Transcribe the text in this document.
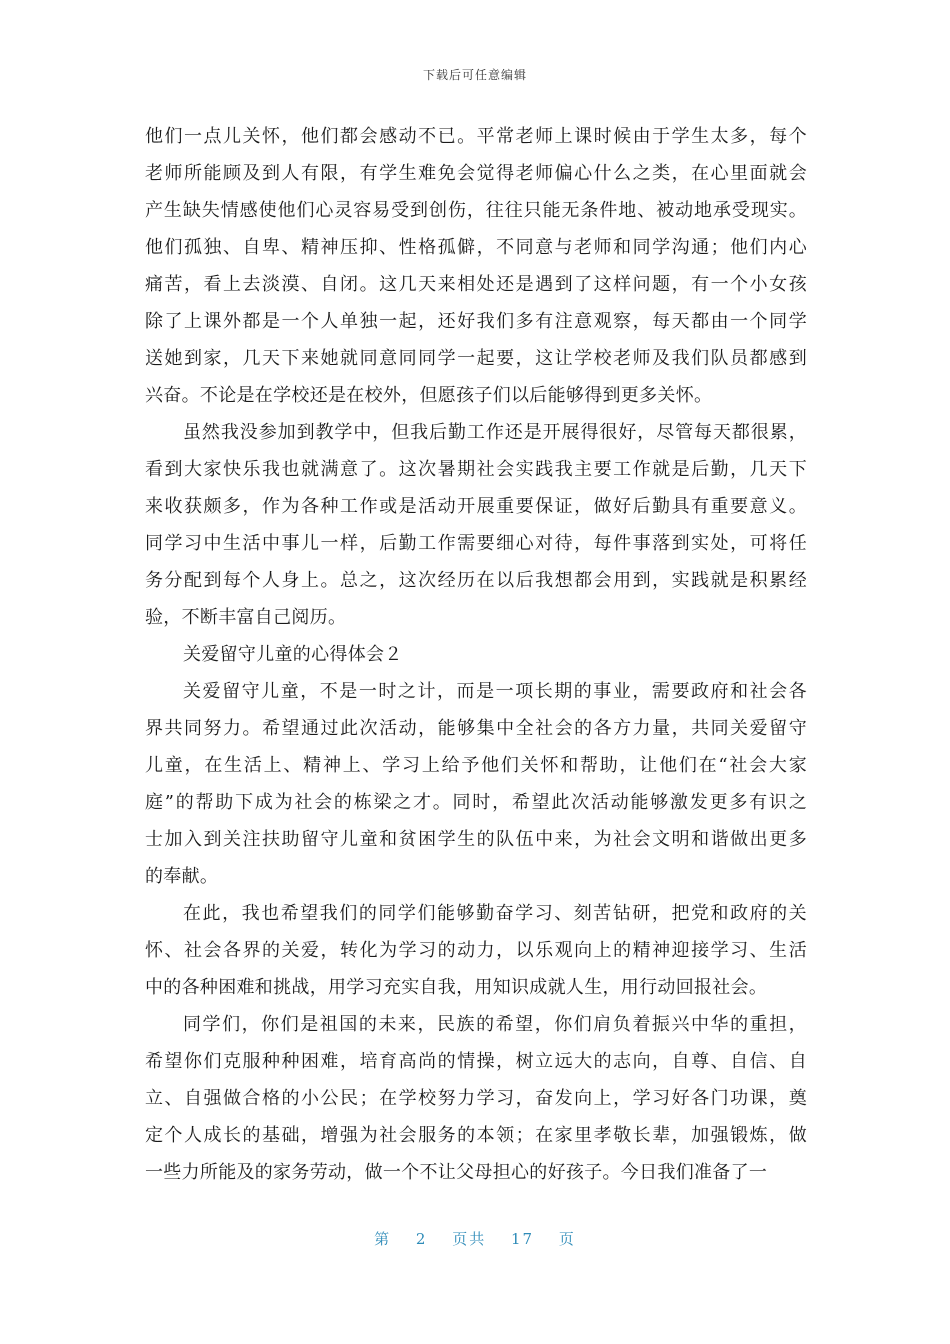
下载后可任意编辑
他们一点儿关怀，他们都会感动不已。平常老师上课时候由于学生太多，每个
老师所能顾及到人有限，有学生难免会觉得老师偏心什么之类，在心里面就会
产生缺失情感使他们心灵容易受到创伤，往往只能无条件地、被动地承受现实。
他们孤独、自卑、精神压抑、性格孤僻，不同意与老师和同学沟通；他们内心
痛苦，看上去淡漠、自闭。这几天来相处还是遇到了这样问题，有一个小女孩
除了上课外都是一个人单独一起，还好我们多有注意观察，每天都由一个同学
送她到家，几天下来她就同意同同学一起要，这让学校老师及我们队员都感到
兴奋。不论是在学校还是在校外，但愿孩子们以后能够得到更多关怀。
虽然我没参加到教学中，但我后勤工作还是开展得很好，尽管每天都很累，
看到大家快乐我也就满意了。这次暑期社会实践我主要工作就是后勤，几天下
来收获颇多，作为各种工作或是活动开展重要保证，做好后勤具有重要意义。
同学习中生活中事儿一样，后勤工作需要细心对待，每件事落到实处，可将任
务分配到每个人身上。总之，这次经历在以后我想都会用到，实践就是积累经
验，不断丰富自己阅历。
关爱留守儿童的心得体会２
关爱留守儿童，不是一时之计，而是一项长期的事业，需要政府和社会各
界共同努力。希望通过此次活动，能够集中全社会的各方力量，共同关爱留守
儿童，在生活上、精神上、学习上给予他们关怀和帮助，让他们在“社会大家
庭”的帮助下成为社会的栋梁之才。同时，希望此次活动能够激发更多有识之
士加入到关注扶助留守儿童和贫困学生的队伍中来，为社会文明和谐做出更多
的奉献。
在此，我也希望我们的同学们能够勤奋学习、刻苦钻研，把党和政府的关
怀、社会各界的关爱，转化为学习的动力，以乐观向上的精神迎接学习、生活
中的各种困难和挑战，用学习充实自我，用知识成就人生，用行动回报社会。
同学们，你们是祖国的未来，民族的希望，你们肩负着振兴中华的重担，
希望你们克服种种困难，培育高尚的情操，树立远大的志向，自尊、自信、自
立、自强做合格的小公民；在学校努力学习，奋发向上，学习好各门功课，奠
定个人成长的基础，增强为社会服务的本领；在家里孝敬长辈，加强锻炼，做
一些力所能及的家务劳动，做一个不让父母担心的好孩子。今日我们准备了一
第 2 页共 17 页
